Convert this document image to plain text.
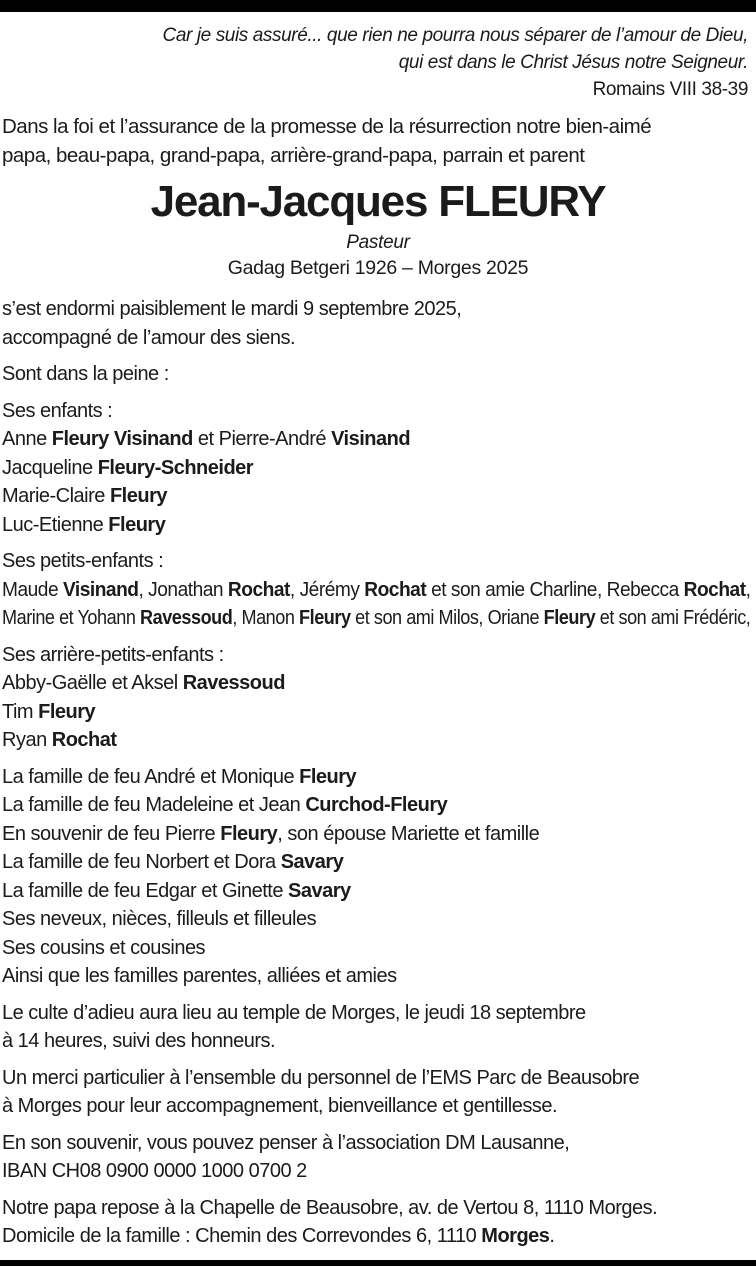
Car je suis assuré... que rien ne pourra nous séparer de l’amour de Dieu,
qui est dans le Christ Jésus notre Seigneur.
Romains VIII 38-39
Dans la foi et l’assurance de la promesse de la résurrection notre bien-aimé
papa, beau-papa, grand-papa, arrière-grand-papa, parrain et parent
Jean-Jacques FLEURY
Pasteur
Gadag Betgeri 1926 – Morges 2025
s’est endormi paisiblement le mardi 9 septembre 2025,
accompagné de l’amour des siens.
Sont dans la peine :
Ses enfants :
Anne Fleury Visinand et Pierre-André Visinand
Jacqueline Fleury-Schneider
Marie-Claire Fleury
Luc-Etienne Fleury
Ses petits-enfants :
Maude Visinand, Jonathan Rochat, Jérémy Rochat et son amie Charline, Rebecca Rochat,
Marine et Yohann Ravessoud, Manon Fleury et son ami Milos, Oriane Fleury et son ami Frédéric,
Ses arrière-petits-enfants :
Abby-Gaëlle et Aksel Ravessoud
Tim Fleury
Ryan Rochat
La famille de feu André et Monique Fleury
La famille de feu Madeleine et Jean Curchod-Fleury
En souvenir de feu Pierre Fleury, son épouse Mariette et famille
La famille de feu Norbert et Dora Savary
La famille de feu Edgar et Ginette Savary
Ses neveux, nièces, filleuls et filleules
Ses cousins et cousines
Ainsi que les familles parentes, alliées et amies
Le culte d’adieu aura lieu au temple de Morges, le jeudi 18 septembre
à 14 heures, suivi des honneurs.
Un merci particulier à l’ensemble du personnel de l’EMS Parc de Beausobre
à Morges pour leur accompagnement, bienveillance et gentillesse.
En son souvenir, vous pouvez penser à l’association DM Lausanne,
IBAN CH08 0900 0000 1000 0700 2
Notre papa repose à la Chapelle de Beausobre, av. de Vertou 8, 1110 Morges.
Domicile de la famille : Chemin des Correvondes 6, 1110 Morges.
